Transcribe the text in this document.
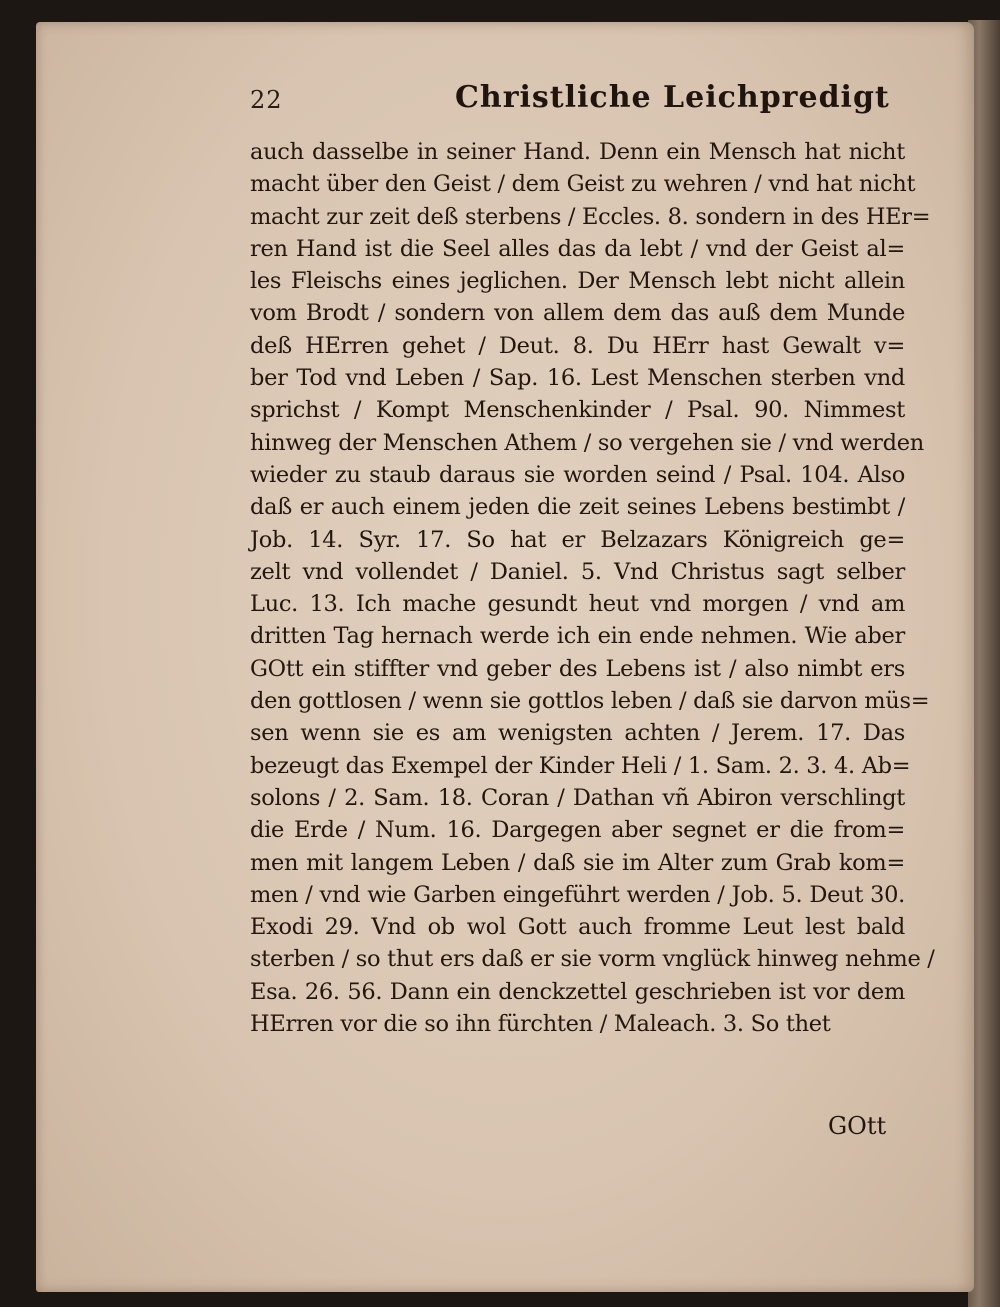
22	Christliche Leichpredigt
auch dasselbe in seiner Hand. Denn ein Mensch hat nicht
macht über den Geist / dem Geist zu wehren / vnd hat nicht
macht zur zeit deß sterbens / Eccles. 8. sondern in des HEr=
ren Hand ist die Seel alles das da lebt / vnd der Geist al=
les Fleischs eines jeglichen. Der Mensch lebt nicht allein
vom Brodt / sondern von allem dem das auß dem Munde
deß HErren gehet / Deut. 8. Du HErr hast Gewalt v=
ber Tod vnd Leben / Sap. 16. Lest Menschen sterben vnd
sprichst / Kompt Menschenkinder / Psal. 90. Nimmest
hinweg der Menschen Athem / so vergehen sie / vnd werden
wieder zu staub daraus sie worden seind / Psal. 104. Also
daß er auch einem jeden die zeit seines Lebens bestimbt /
Job. 14. Syr. 17. So hat er Belzazars Königreich ge=
zelt vnd vollendet / Daniel. 5. Vnd Christus sagt selber
Luc. 13. Ich mache gesundt heut vnd morgen / vnd am
dritten Tag hernach werde ich ein ende nehmen. Wie aber
GOtt ein stiffter vnd geber des Lebens ist / also nimbt ers
den gottlosen / wenn sie gottlos leben / daß sie darvon müs=
sen wenn sie es am wenigsten achten / Jerem. 17. Das
bezeugt das Exempel der Kinder Heli / 1. Sam. 2. 3. 4. Ab=
solons / 2. Sam. 18. Coran / Dathan vñ Abiron verschlingt
die Erde / Num. 16. Dargegen aber segnet er die from=
men mit langem Leben / daß sie im Alter zum Grab kom=
men / vnd wie Garben eingeführt werden / Job. 5. Deut 30.
Exodi 29. Vnd ob wol Gott auch fromme Leut lest bald
sterben / so thut ers daß er sie vorm vnglück hinweg nehme /
Esa. 26. 56. Dann ein denckzettel geschrieben ist vor dem
HErren vor die so ihn fürchten / Maleach. 3. So thet
GOtt
